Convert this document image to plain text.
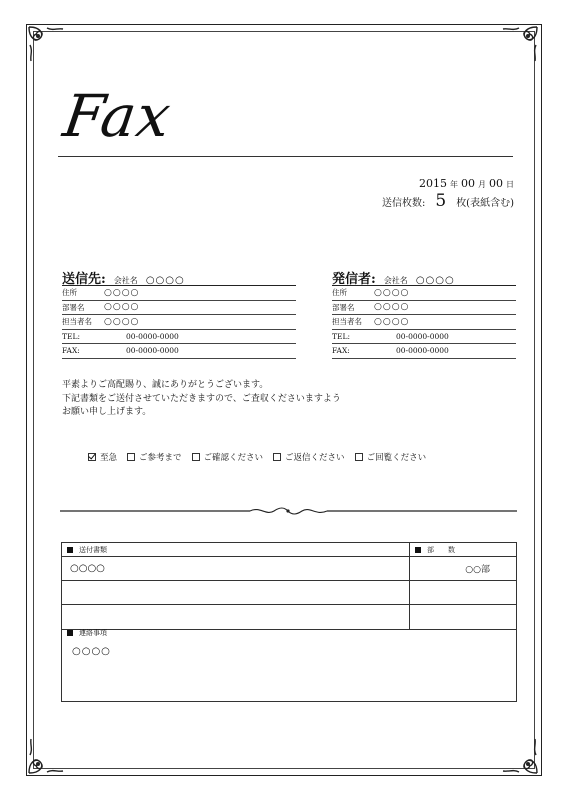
Fax
2015 年 00 月 00 日
送信枚数: 5	枚(表紙含む)
送信先: 会社名 ○○○○
住所	○○○○
部署名	○○○○
担当者名	○○○○
TEL:	00-0000-0000
FAX:	00-0000-0000
発信者: 会社名 ○○○○
住所	○○○○
部署名	○○○○
担当者名	○○○○
TEL:	00-0000-0000
FAX:	00-0000-0000
平素よりご高配賜り、誠にありがとうございます。
下記書類をご送付させていただきますので、ご査収くださいますよう
お願い申し上げます。
至急	ご参考まで	ご確認ください	ご返信ください	ご回覧ください
送付書類	部　　数
○○○○	○○部
連絡事項
○○○○
